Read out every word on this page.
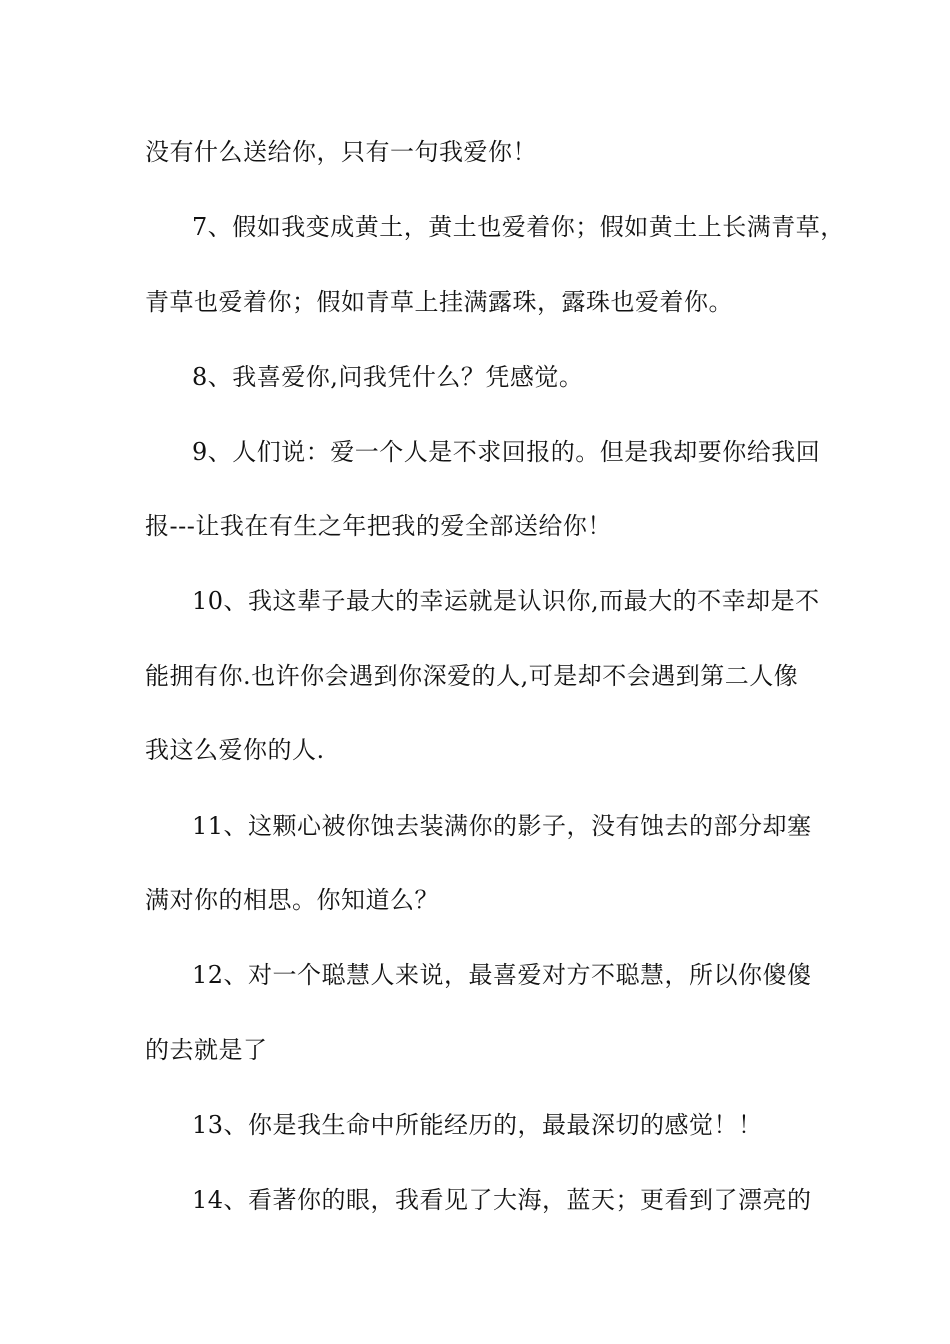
没有什么送给你，只有一句我爱你！
7、假如我变成黄土，黄土也爱着你；假如黄土上长满青草，
青草也爱着你；假如青草上挂满露珠，露珠也爱着你。
8、我喜爱你,问我凭什么？凭感觉。
9、人们说：爱一个人是不求回报的。但是我却要你给我回
报---让我在有生之年把我的爱全部送给你！
10、我这辈子最大的幸运就是认识你,而最大的不幸却是不
能拥有你.也许你会遇到你深爱的人,可是却不会遇到第二人像
我这么爱你的人.
11、这颗心被你蚀去装满你的影子，没有蚀去的部分却塞
满对你的相思。你知道么？
12、对一个聪慧人来说，最喜爱对方不聪慧，所以你傻傻
的去就是了
13、你是我生命中所能经历的，最最深切的感觉！！
14、看著你的眼，我看见了大海，蓝天；更看到了漂亮的
